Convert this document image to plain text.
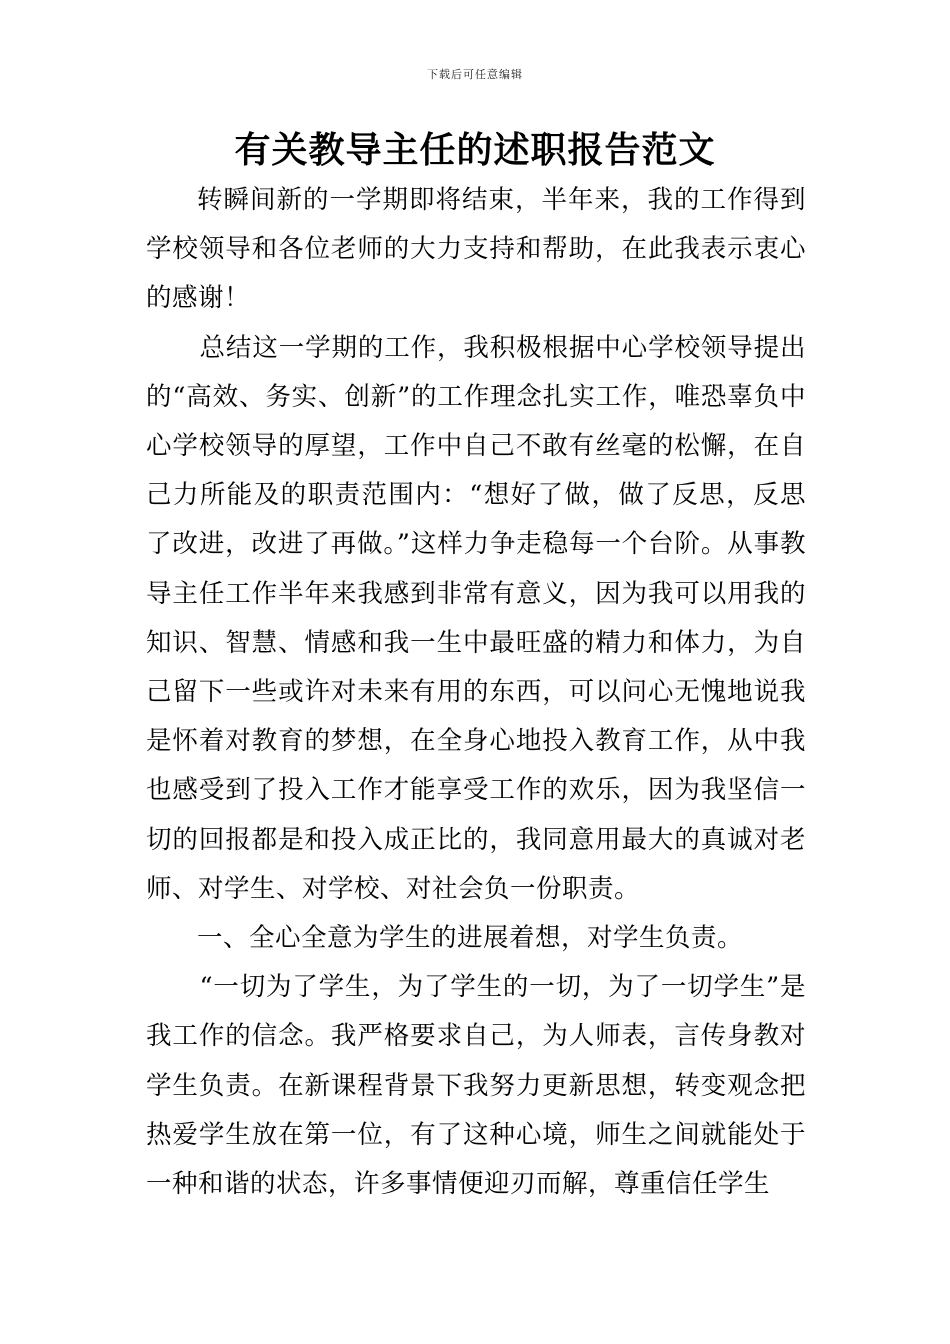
下载后可任意编辑
有关教导主任的述职报告范文

转瞬间新的一学期即将结束，半年来，我的工作得到学校领导和各位老师的大力支持和帮助，在此我表示衷心的感谢！

总结这一学期的工作，我积极根据中心学校领导提出的“高效、务实、创新”的工作理念扎实工作，唯恐辜负中心学校领导的厚望，工作中自己不敢有丝毫的松懈，在自己力所能及的职责范围内：“想好了做，做了反思，反思了改进，改进了再做。”这样力争走稳每一个台阶。从事教导主任工作半年来我感到非常有意义，因为我可以用我的知识、智慧、情感和我一生中最旺盛的精力和体力，为自己留下一些或许对未来有用的东西，可以问心无愧地说我是怀着对教育的梦想，在全身心地投入教育工作，从中我也感受到了投入工作才能享受工作的欢乐，因为我坚信一切的回报都是和投入成正比的，我同意用最大的真诚对老师、对学生、对学校、对社会负一份职责。

一、全心全意为学生的进展着想，对学生负责。

“一切为了学生，为了学生的一切，为了一切学生”是我工作的信念。我严格要求自己，为人师表，言传身教对学生负责。在新课程背景下我努力更新思想，转变观念把热爱学生放在第一位，有了这种心境，师生之间就能处于一种和谐的状态，许多事情便迎刃而解，尊重信任学生
